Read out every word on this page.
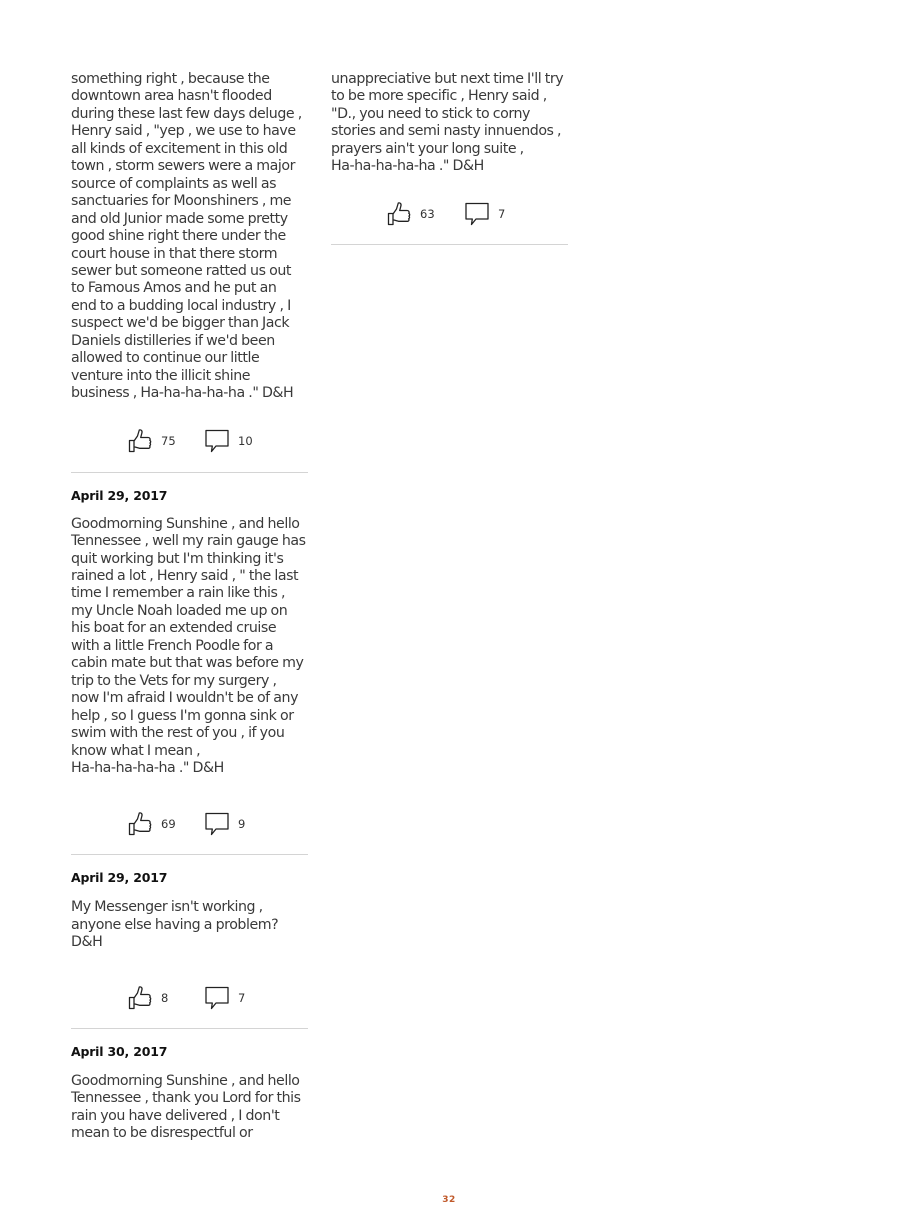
something right , because the
downtown area hasn't flooded
during these last few days deluge ,
Henry said , "yep , we use to have
all kinds of excitement in this old
town , storm sewers were a major
source of complaints as well as
sanctuaries for Moonshiners , me
and old Junior made some pretty
good shine right there under the
court house in that there storm
sewer but someone ratted us out
to Famous Amos and he put an
end to a budding local industry , I
suspect we'd be bigger than Jack
Daniels distilleries if we'd been
allowed to continue our little
venture into the illicit shine
business , Ha-ha-ha-ha-ha ." D&H

75	10

April 29, 2017

Goodmorning Sunshine , and hello
Tennessee , well my rain gauge has
quit working but I'm thinking it's
rained a lot , Henry said , " the last
time I remember a rain like this ,
my Uncle Noah loaded me up on
his boat for an extended cruise
with a little French Poodle for a
cabin mate but that was before my
trip to the Vets for my surgery ,
now I'm afraid I wouldn't be of any
help , so I guess I'm gonna sink or
swim with the rest of you , if you
know what I mean ,
Ha-ha-ha-ha-ha ." D&H

69	9

April 29, 2017

My Messenger isn't working ,
anyone else having a problem?
D&H

8	7

April 30, 2017

Goodmorning Sunshine , and hello
Tennessee , thank you Lord for this
rain you have delivered , I don't
mean to be disrespectful or

unappreciative but next time I'll try
to be more specific , Henry said ,
"D., you need to stick to corny
stories and semi nasty innuendos ,
prayers ain't your long suite ,
Ha-ha-ha-ha-ha ." D&H

63	7
32
